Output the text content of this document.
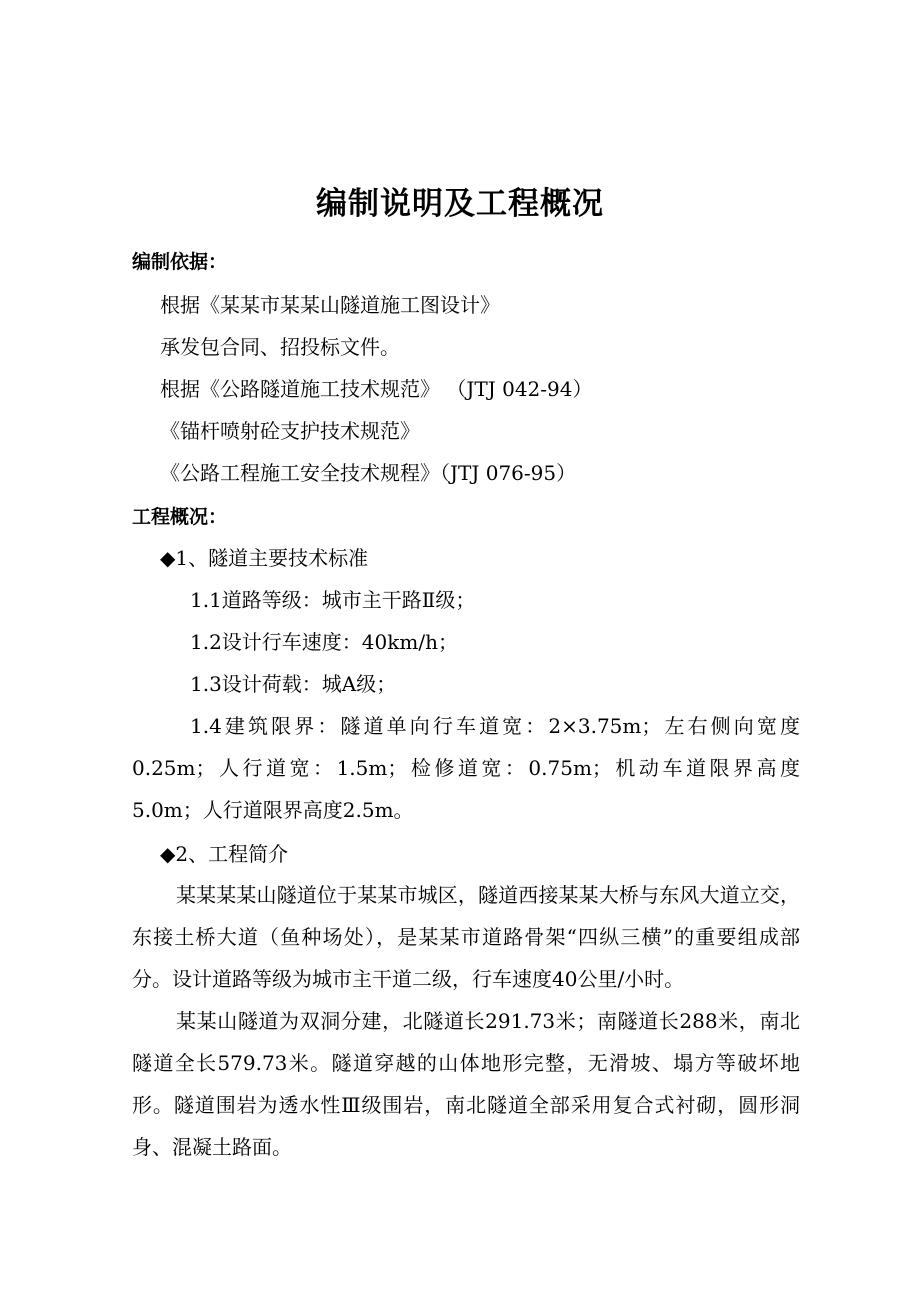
编制说明及工程概况
编制依据：
根据《某某市某某山隧道施工图设计》
承发包合同、招投标文件。
根据《公路隧道施工技术规范》 （JTJ 042-94）
《锚杆喷射砼支护技术规范》
《公路工程施工安全技术规程》（JTJ 076-95）
工程概况：
◆1、隧道主要技术标准
1.1道路等级：城市主干路Ⅱ级；
1.2设计行车速度：40km/h；
1.3设计荷载：城A级；

1.4建筑限界：隧道单向行车道宽：2×3.75m；左右侧向宽度0.25m；人行道宽：1.5m；检修道宽：0.75m；机动车道限界高度5.0m；人行道限界高度2.5m。

◆2、工程简介

某某某某山隧道位于某某市城区，隧道西接某某大桥与东风大道立交，东接土桥大道（鱼种场处），是某某市道路骨架“四纵三横”的重要组成部分。设计道路等级为城市主干道二级，行车速度40公里/小时。

某某山隧道为双洞分建，北隧道长291.73米；南隧道长288米，南北隧道全长579.73米。隧道穿越的山体地形完整，无滑坡、塌方等破坏地形。隧道围岩为透水性Ⅲ级围岩，南北隧道全部采用复合式衬砌，圆形洞身、混凝土路面。
